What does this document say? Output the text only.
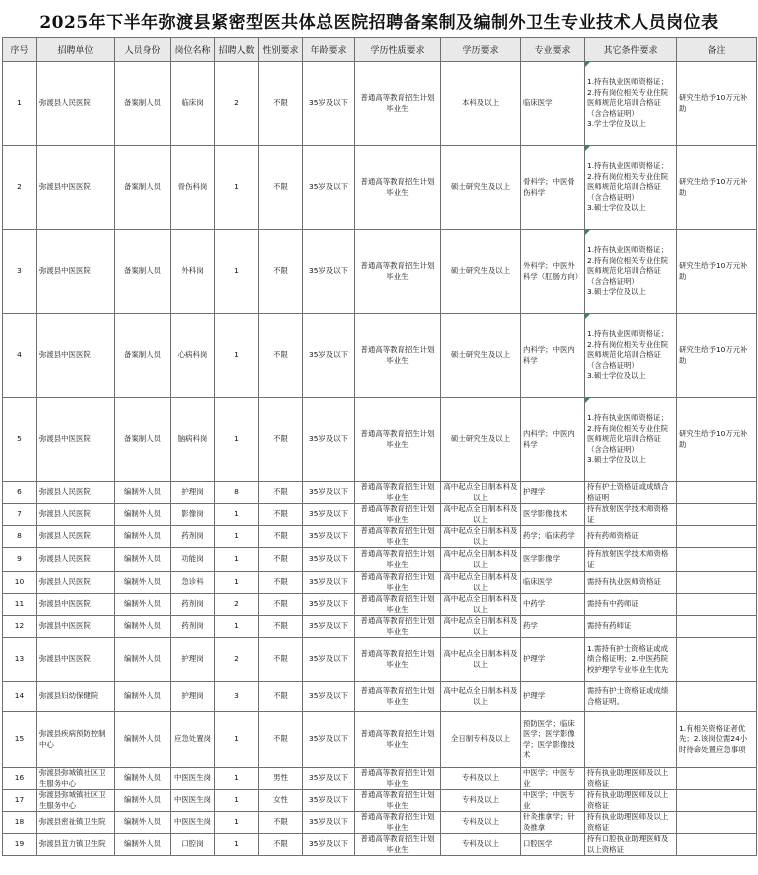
2025年下半年弥渡县紧密型医共体总医院招聘备案制及编制外卫生专业技术人员岗位表
序号	招聘单位	人员身份	岗位名称	招聘人数	性别要求	年龄要求	学历性质要求	学历要求	专业要求	其它条件要求	备注
1	弥渡县人民医院	备案制人员	临床岗	2	不限	35岁及以下	普通高等教育招生计划毕业生	本科及以上	临床医学	1.持有执业医师资格证；
2.持有岗位相关专业住院医师规范化培训合格证（含合格证明）
3.学士学位及以上	研究生给予10万元补助
2	弥渡县中医医院	备案制人员	骨伤科岗	1	不限	35岁及以下	普通高等教育招生计划毕业生	硕士研究生及以上	骨科学；中医骨伤科学	1.持有执业医师资格证；
2.持有岗位相关专业住院医师规范化培训合格证（含合格证明）
3.硕士学位及以上	研究生给予10万元补助
3	弥渡县中医医院	备案制人员	外科岗	1	不限	35岁及以下	普通高等教育招生计划毕业生	硕士研究生及以上	外科学；中医外科学（肛肠方向）	1.持有执业医师资格证；
2.持有岗位相关专业住院医师规范化培训合格证（含合格证明）
3.硕士学位及以上	研究生给予10万元补助
4	弥渡县中医医院	备案制人员	心病科岗	1	不限	35岁及以下	普通高等教育招生计划毕业生	硕士研究生及以上	内科学；中医内科学	1.持有执业医师资格证；
2.持有岗位相关专业住院医师规范化培训合格证（含合格证明）
3.硕士学位及以上	研究生给予10万元补助
5	弥渡县中医医院	备案制人员	脑病科岗	1	不限	35岁及以下	普通高等教育招生计划毕业生	硕士研究生及以上	内科学；中医内科学	1.持有执业医师资格证；
2.持有岗位相关专业住院医师规范化培训合格证（含合格证明）
3.硕士学位及以上	研究生给予10万元补助
6	弥渡县人民医院	编制外人员	护理岗	8	不限	35岁及以下	普通高等教育招生计划毕业生	高中起点全日制本科及以上	护理学	持有护士资格证或成绩合格证明	
7	弥渡县人民医院	编制外人员	影像岗	1	不限	35岁及以下	普通高等教育招生计划毕业生	高中起点全日制本科及以上	医学影像技术	持有放射医学技术师资格证	
8	弥渡县人民医院	编制外人员	药剂岗	1	不限	35岁及以下	普通高等教育招生计划毕业生	高中起点全日制本科及以上	药学；临床药学	持有药师资格证	
9	弥渡县人民医院	编制外人员	功能岗	1	不限	35岁及以下	普通高等教育招生计划毕业生	高中起点全日制本科及以上	医学影像学	持有放射医学技术师资格证	
10	弥渡县人民医院	编制外人员	急诊科	1	不限	35岁及以下	普通高等教育招生计划毕业生	高中起点全日制本科及以上	临床医学	需持有执业医师资格证	
11	弥渡县中医医院	编制外人员	药剂岗	2	不限	35岁及以下	普通高等教育招生计划毕业生	高中起点全日制本科及以上	中药学	需持有中药师证	
12	弥渡县中医医院	编制外人员	药剂岗	1	不限	35岁及以下	普通高等教育招生计划毕业生	高中起点全日制本科及以上	药学	需持有药师证	
13	弥渡县中医医院	编制外人员	护理岗	2	不限	35岁及以下	普通高等教育招生计划毕业生	高中起点全日制本科及以上	护理学	1.需持有护士资格证或成绩合格证明；2.中医药院校护理学专业毕业生优先	
14	弥渡县妇幼保健院	编制外人员	护理岗	3	不限	35岁及以下	普通高等教育招生计划毕业生	高中起点全日制本科及以上	护理学	需持有护士资格证或成绩合格证明。	
15	弥渡县疾病预防控制中心	编制外人员	应急处置岗	1	不限	35岁及以下	普通高等教育招生计划毕业生	全日制专科及以上	预防医学；临床医学；医学影像学；医学影像技术		1.有相关资格证者优先；2.该岗位需24小时待命处置应急事项
16	弥渡县弥城镇社区卫生服务中心	编制外人员	中医医生岗	1	男性	35岁及以下	普通高等教育招生计划毕业生	专科及以上	中医学；中医专业	持有执业助理医师及以上资格证	
17	弥渡县弥城镇社区卫生服务中心	编制外人员	中医医生岗	1	女性	35岁及以下	普通高等教育招生计划毕业生	专科及以上	中医学；中医专业	持有执业助理医师及以上资格证	
18	弥渡县密祉镇卫生院	编制外人员	中医医生岗	1	不限	35岁及以下	普通高等教育招生计划毕业生	专科及以上	针灸推拿学；针灸推拿	持有执业助理医师及以上资格证	
19	弥渡县苴力镇卫生院	编制外人员	口腔岗	1	不限	35岁及以下	普通高等教育招生计划毕业生	专科及以上	口腔医学	持有口腔执业助理医师及以上资格证	
